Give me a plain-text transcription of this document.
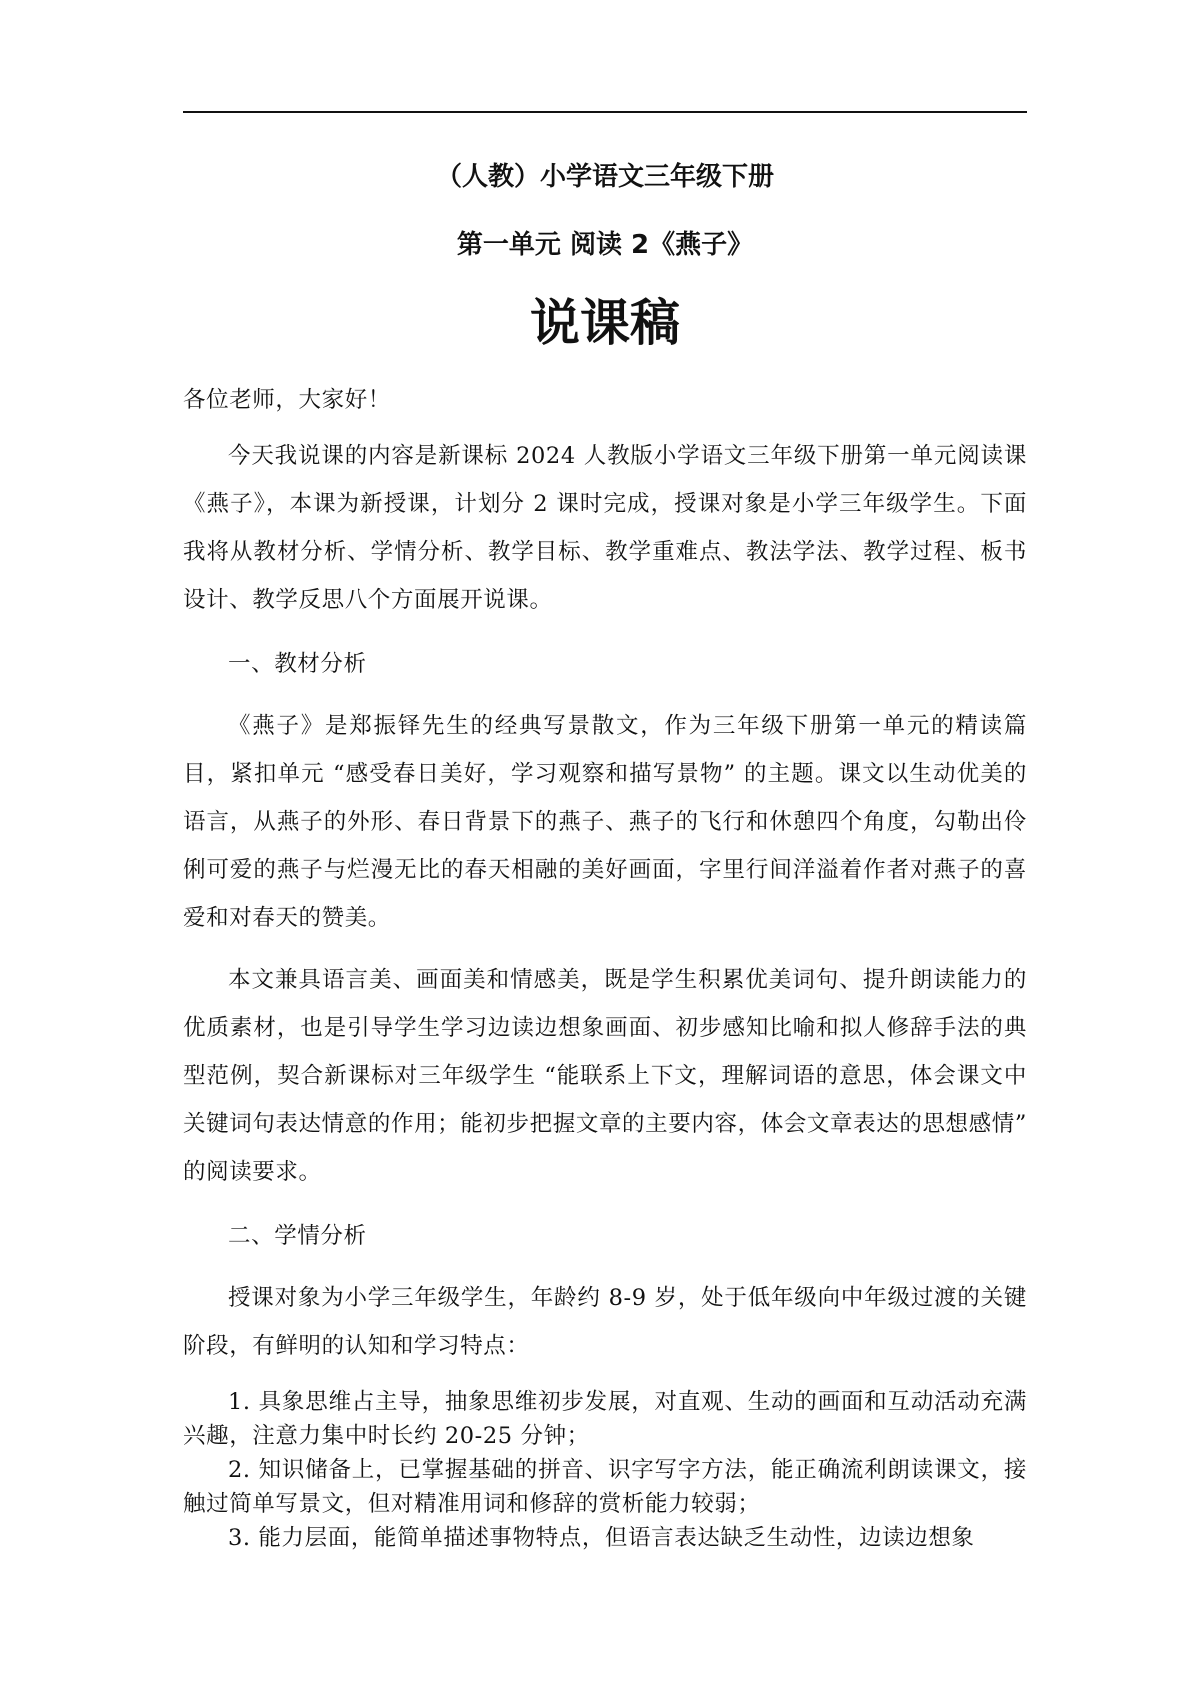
（人教）小学语文三年级下册
第一单元 阅读 2《燕子》
说课稿

各位老师，大家好！

今天我说课的内容是新课标 2024 人教版小学语文三年级下册第一单元阅读课《燕子》，本课为新授课，计划分 2 课时完成，授课对象是小学三年级学生。下面我将从教材分析、学情分析、教学目标、教学重难点、教法学法、教学过程、板书设计、教学反思八个方面展开说课。

一、教材分析

《燕子》是郑振铎先生的经典写景散文，作为三年级下册第一单元的精读篇目，紧扣单元 “感受春日美好，学习观察和描写景物” 的主题。课文以生动优美的语言，从燕子的外形、春日背景下的燕子、燕子的飞行和休憩四个角度，勾勒出伶俐可爱的燕子与烂漫无比的春天相融的美好画面，字里行间洋溢着作者对燕子的喜爱和对春天的赞美。

本文兼具语言美、画面美和情感美，既是学生积累优美词句、提升朗读能力的优质素材，也是引导学生学习边读边想象画面、初步感知比喻和拟人修辞手法的典型范例，契合新课标对三年级学生 “能联系上下文，理解词语的意思，体会课文中关键词句表达情意的作用；能初步把握文章的主要内容，体会文章表达的思想感情” 的阅读要求。

二、学情分析

授课对象为小学三年级学生，年龄约 8-9 岁，处于低年级向中年级过渡的关键阶段，有鲜明的认知和学习特点：

1. 具象思维占主导，抽象思维初步发展，对直观、生动的画面和互动活动充满兴趣，注意力集中时长约 20-25 分钟；

2. 知识储备上，已掌握基础的拼音、识字写字方法，能正确流利朗读课文，接触过简单写景文，但对精准用词和修辞的赏析能力较弱；

3. 能力层面，能简单描述事物特点，但语言表达缺乏生动性，边读边想象
